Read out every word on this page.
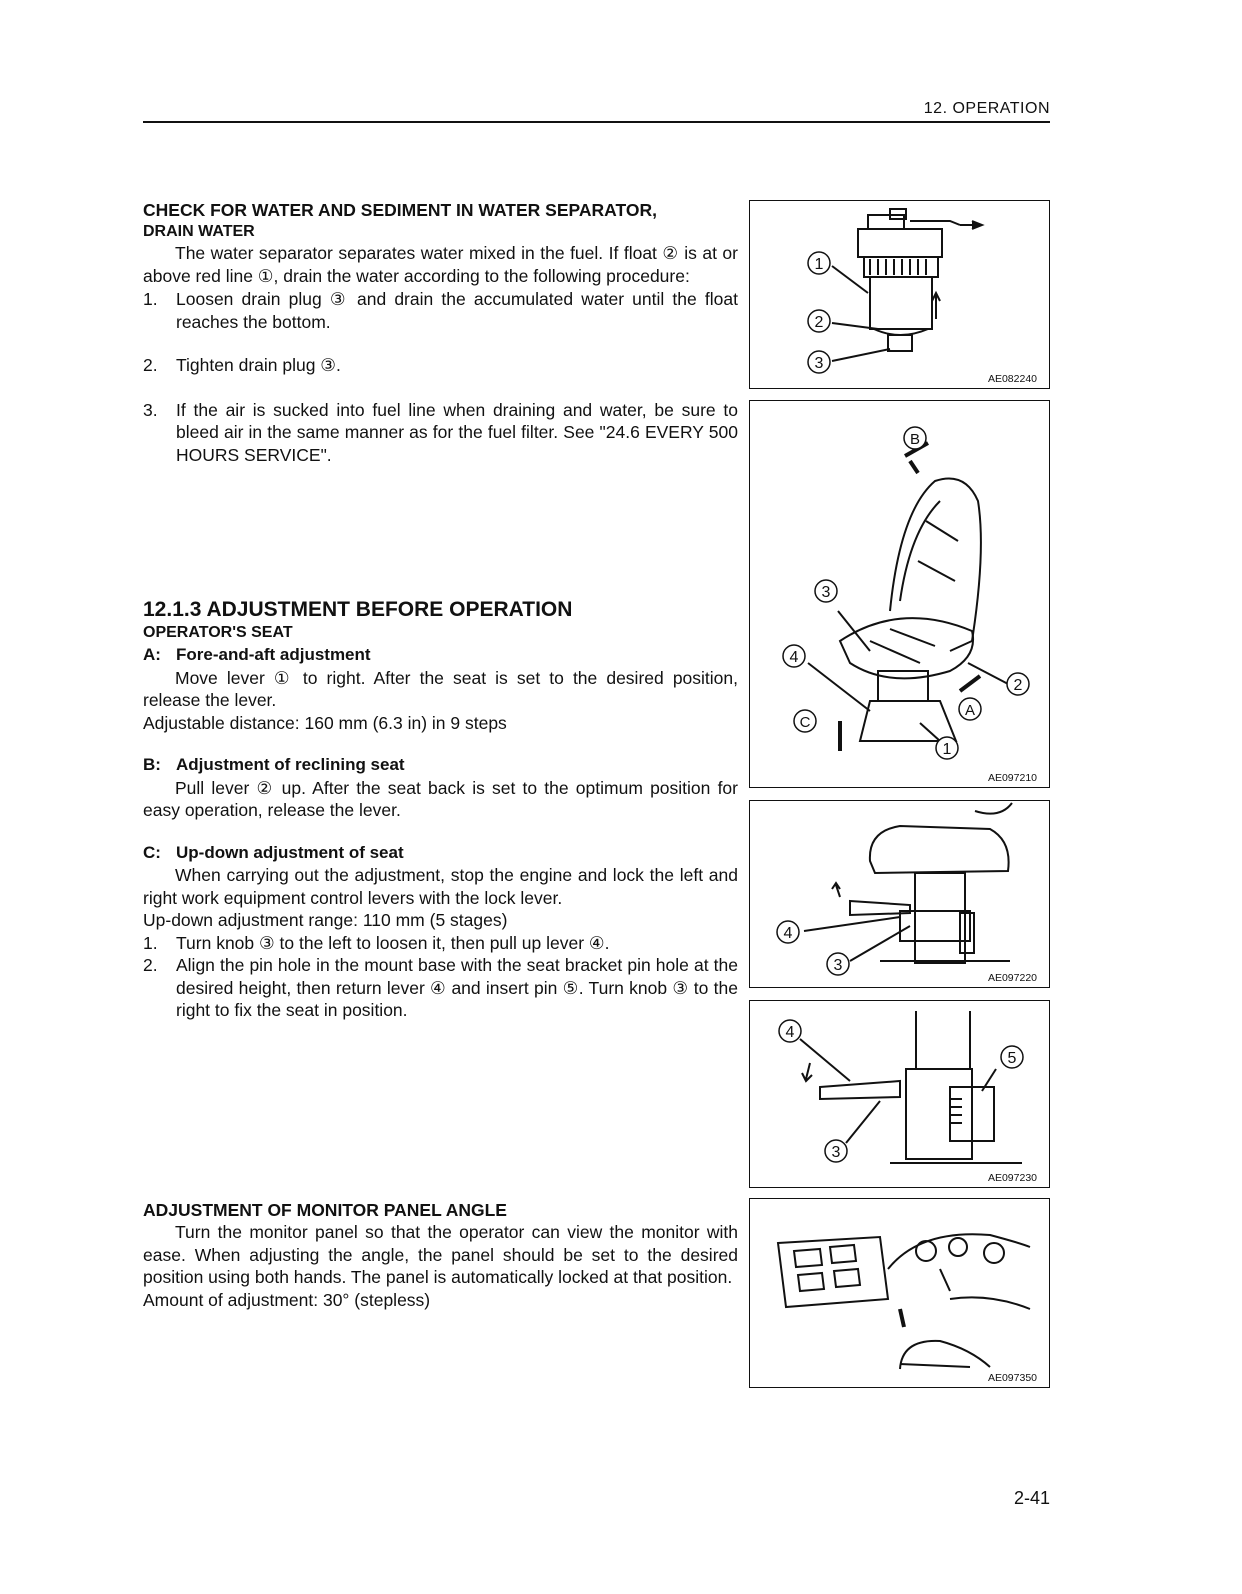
12. OPERATION
CHECK FOR WATER AND SEDIMENT IN WATER SEPARATOR,
DRAIN WATER

The water separator separates water mixed in the fuel. If float ② is at or above red line ①, drain the water according to the following procedure:

1.	Loosen drain plug ③ and drain the accumulated water until the float reaches the bottom.
2.	Tighten drain plug ③.
3.	If the air is sucked into fuel line when draining and water, be sure to bleed air in the same manner as for the fuel filter. See "24.6 EVERY 500 HOURS SERVICE".
12.1.3 ADJUSTMENT BEFORE OPERATION
OPERATOR'S SEAT
A: Fore-and-aft adjustment

Move lever ① to right. After the seat is set to the desired position, release the lever.

Adjustable distance: 160 mm (6.3 in) in 9 steps

B: Adjustment of reclining seat

Pull lever ② up. After the seat back is set to the optimum position for easy operation, release the lever.

C: Up-down adjustment of seat

When carrying out the adjustment, stop the engine and lock the left and right work equipment control levers with the lock lever.

Up-down adjustment range: 110 mm (5 stages)

1.	Turn knob ③ to the left to loosen it, then pull up lever ④.
2.	Align the pin hole in the mount base with the seat bracket pin hole at the desired height, then return lever ④ and insert pin ⑤. Turn knob ③ to the right to fix the seat in position.
ADJUSTMENT OF MONITOR PANEL ANGLE

Turn the monitor panel so that the operator can view the monitor with ease. When adjusting the angle, the panel should be set to the desired position using both hands. The panel is automatically locked at that position.

Amount of adjustment: 30° (stepless)

1
2
3
AE082240
B
3
4
2
A
C
1
AE097210
4
3
AE097220
4
5
3
AE097230
AE097350
2-41
